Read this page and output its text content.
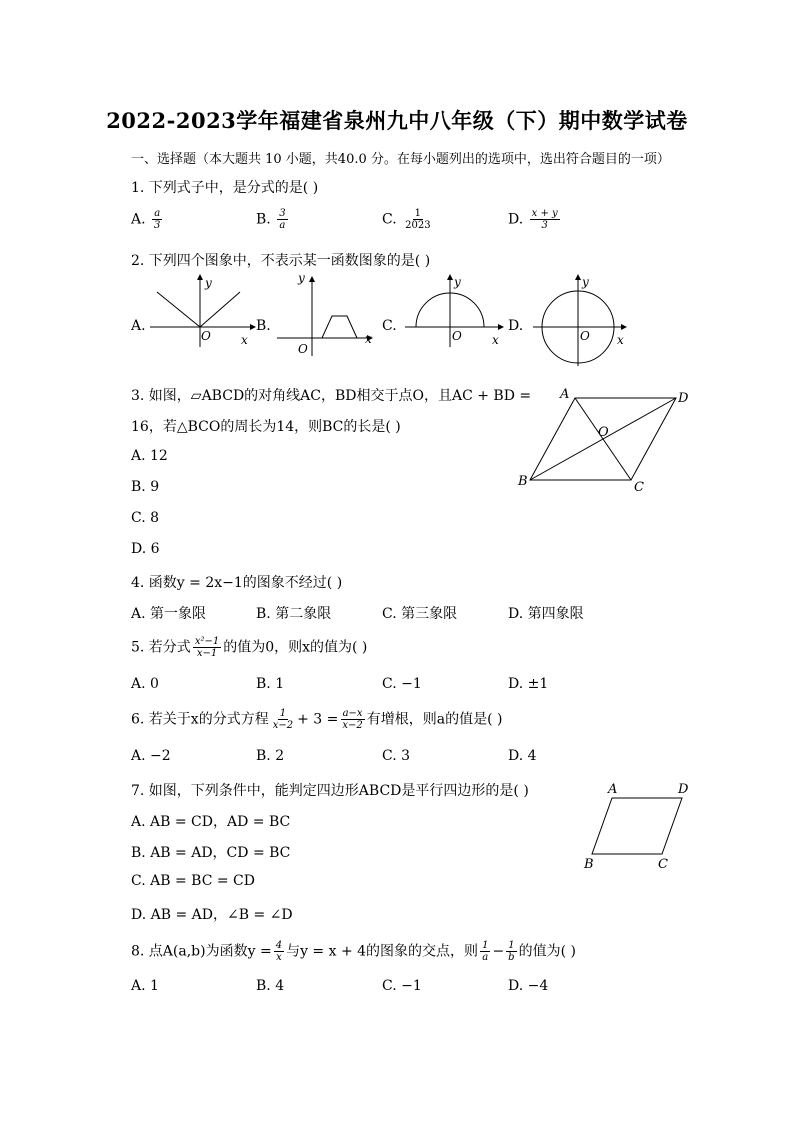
2022-2023学年福建省泉州九中八年级（下）期中数学试卷
一、选择题（本大题共 10 小题，共40.0 分。在每小题列出的选项中，选出符合题目的一项）
1. 下列式子中，是分式的是( )
A. $\frac{a}{3}$	B. $\frac{3}{a}$	C. $\frac{1}{2023}$	D. $\frac{x + y}{3}$
2. 下列四个图象中，不表示某一函数图象的是( )
A.	B.	C.	D.
x
y
O	x
y
O
x
y
O	x
y
O
3. 如图，▱ABCD的对角线AC，BD相交于点O，且AC + BD =
16，若△BCO的周长为14，则BC的长是( )
A. 12
B. 9
C. 8
D. 6
A	D
B	C
O
4. 函数y = 2x−1的图象不经过( )
A. 第一象限	B. 第二象限	C. 第三象限	D. 第四象限
5. 若分式 $\frac{\text{x²−1}}{x-1}$ 的值为0，则x的值为( )
A. 0	B. 1	C. −1	D. ±1
6. 若关于x的分式方程 $\frac{1}{x-2} + 3 = \frac{a-x}{x-2}$ 有增根，则a的值是( )
A. −2	B. 2	C. 3	D. 4
7. 如图，下列条件中，能判定四边形ABCD是平行四边形的是( )
A. AB = CD，AD = BC
B. AB = AD，CD = BC
C. AB = BC = CD
D. AB = AD，∠B = ∠D
A	D
B	C
8. 点A(a,b)为函数$y = \frac{4}{x}$ 与y = x + 4的图象的交点，则 $\frac{1}{a} - \frac{1}{b}$ 的值为( )
A. 1	B. 4	C. −1	D. −4
